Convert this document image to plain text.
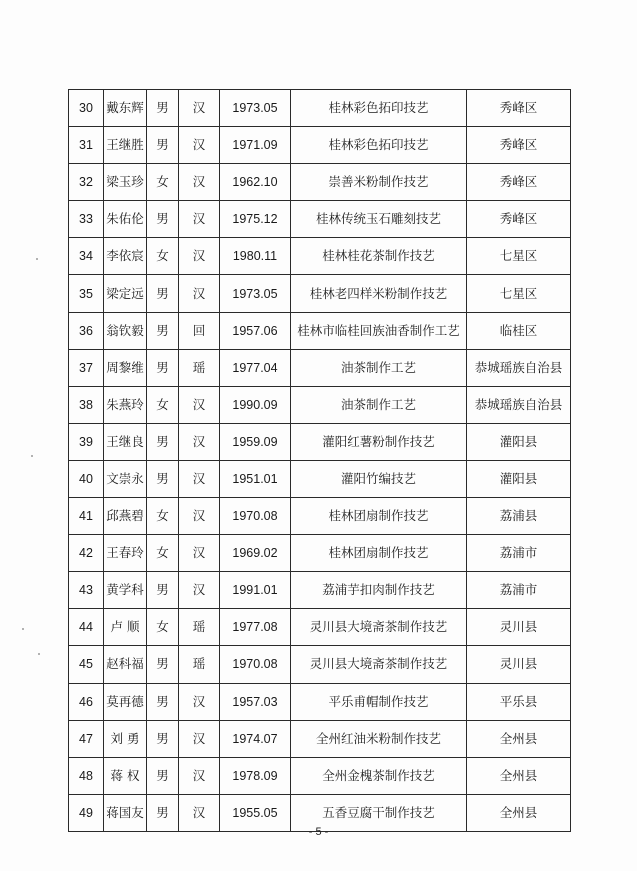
30	戴东辉	男	汉	1973.05	桂林彩色拓印技艺	秀峰区
31	王继胜	男	汉	1971.09	桂林彩色拓印技艺	秀峰区
32	梁玉珍	女	汉	1962.10	崇善米粉制作技艺	秀峰区
33	朱佑伦	男	汉	1975.12	桂林传统玉石雕刻技艺	秀峰区
34	李依宸	女	汉	1980.11	桂林桂花茶制作技艺	七星区
35	梁定远	男	汉	1973.05	桂林老四样米粉制作技艺	七星区
36	翁钦毅	男	回	1957.06	桂林市临桂回族油香制作工艺	临桂区
37	周黎维	男	瑶	1977.04	油茶制作工艺	恭城瑶族自治县
38	朱燕玲	女	汉	1990.09	油茶制作工艺	恭城瑶族自治县
39	王继良	男	汉	1959.09	灌阳红薯粉制作技艺	灌阳县
40	文崇永	男	汉	1951.01	灌阳竹编技艺	灌阳县
41	邱燕碧	女	汉	1970.08	桂林团扇制作技艺	荔浦县
42	王春玲	女	汉	1969.02	桂林团扇制作技艺	荔浦市
43	黄学科	男	汉	1991.01	荔浦芋扣肉制作技艺	荔浦市
44	卢 顺	女	瑶	1977.08	灵川县大境斋茶制作技艺	灵川县
45	赵科福	男	瑶	1970.08	灵川县大境斋茶制作技艺	灵川县
46	莫再德	男	汉	1957.03	平乐甫帽制作技艺	平乐县
47	刘 勇	男	汉	1974.07	全州红油米粉制作技艺	全州县
48	蒋 权	男	汉	1978.09	全州金槐茶制作技艺	全州县
49	蒋国友	男	汉	1955.05	五香豆腐干制作技艺	全州县
- 5 -
